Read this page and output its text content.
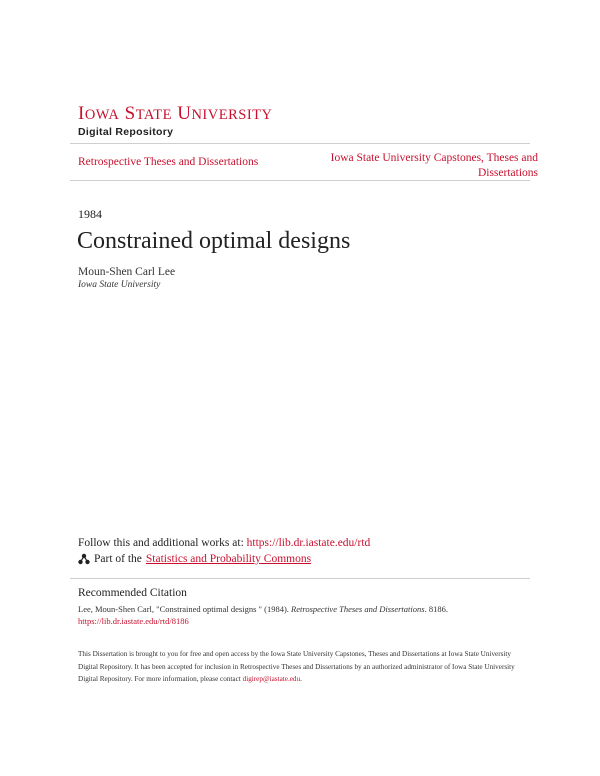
IOWA STATE UNIVERSITY
Digital Repository
Retrospective Theses and Dissertations	Iowa State University Capstones, Theses and Dissertations
1984
Constrained optimal designs
Moun-Shen Carl Lee
Iowa State University
Follow this and additional works at: https://lib.dr.iastate.edu/rtd
Part of the Statistics and Probability Commons
Recommended Citation
Lee, Moun-Shen Carl, "Constrained optimal designs " (1984). Retrospective Theses and Dissertations. 8186.
https://lib.dr.iastate.edu/rtd/8186
This Dissertation is brought to you for free and open access by the Iowa State University Capstones, Theses and Dissertations at Iowa State University Digital Repository. It has been accepted for inclusion in Retrospective Theses and Dissertations by an authorized administrator of Iowa State University Digital Repository. For more information, please contact digirep@iastate.edu.
